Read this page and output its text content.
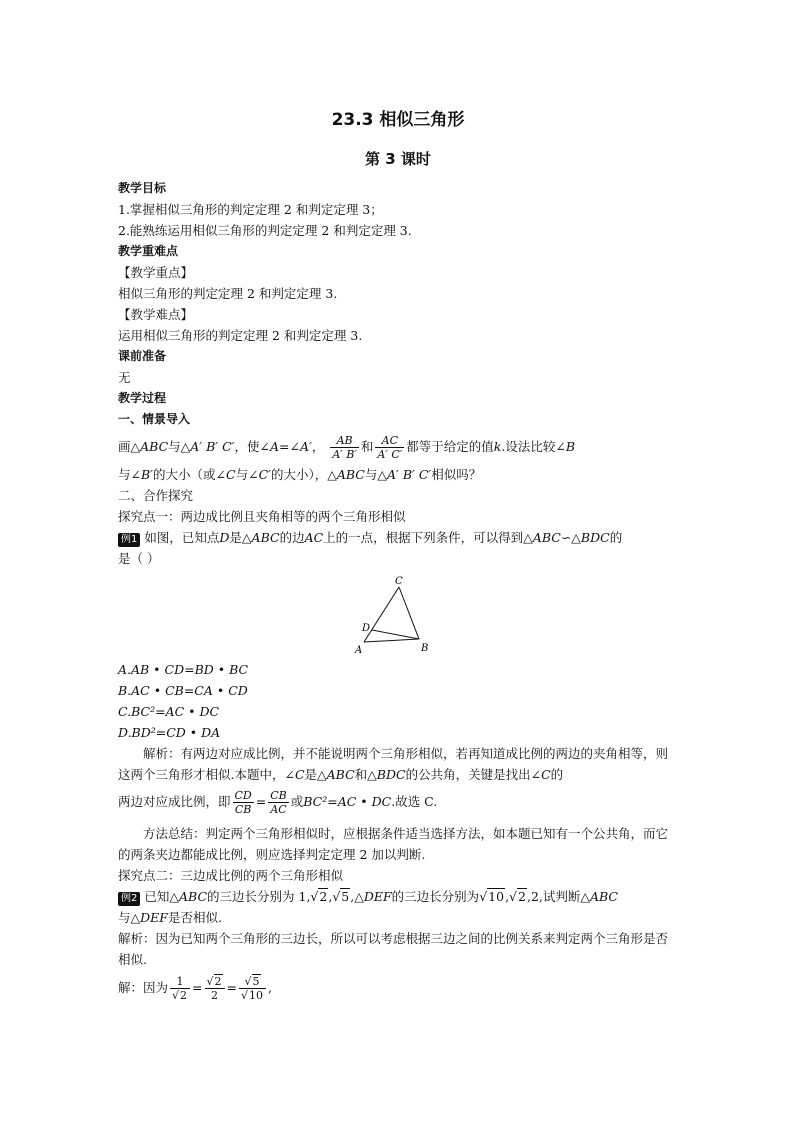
23.3 相似三角形
第 3 课时

教学目标

1.掌握相似三角形的判定定理 2 和判定定理 3；

2.能熟练运用相似三角形的判定定理 2 和判定定理 3.

教学重难点

【教学重点】

相似三角形的判定定理 2 和判定定理 3.

【教学难点】

运用相似三角形的判定定理 2 和判定定理 3.

课前准备

无

教学过程

一、情景导入

画△ABC与△A′ B′ C′，使∠A=∠A′， $\frac{AB}{A' B'}$ 和 $\frac{AC}{A' C'}$ 都等于给定的值k.设法比较∠B

与∠B′的大小（或∠C与∠C′的大小），△ABC与△A′ B′ C′相似吗？

二、合作探究

探究点一：两边成比例且夹角相等的两个三角形相似

例1 如图，已知点D是△ABC的边AC上的一点，根据下列条件，可以得到△ABC∽△BDC的

是（ ）

A	B
C
D

A.AB • CD=BD • BC

B.AC • CB=CA • CD

C.BC²=AC • DC

D.BD²=CD • DA

解析：有两边对应成比例，并不能说明两个三角形相似，若再知道成比例的两边的夹角相等，则这两个三角形才相似.本题中，∠C是△ABC和△BDC的公共角，关键是找出∠C的

两边对应成比例，即 $\frac{CD}{CB} = \frac{CB}{AC}$ 或BC²=AC • DC.故选 C.

方法总结：判定两个三角形相似时，应根据条件适当选择方法，如本题已知有一个公共角，而它的两条夹边都能成比例，则应选择判定定理 2 加以判断.

探究点二：三边成比例的两个三角形相似

例2 已知△ABC的三边长分别为 1,√2,√5,△DEF的三边长分别为√10,√2,2,试判断△ABC

与△DEF是否相似.

解析：因为已知两个三角形的三边长，所以可以考虑根据三边之间的比例关系来判定两个三角形是否相似.

解：因为 $\frac{1}{√2} = \frac{√2}{2} = \frac{√5}{√10}$ ,
